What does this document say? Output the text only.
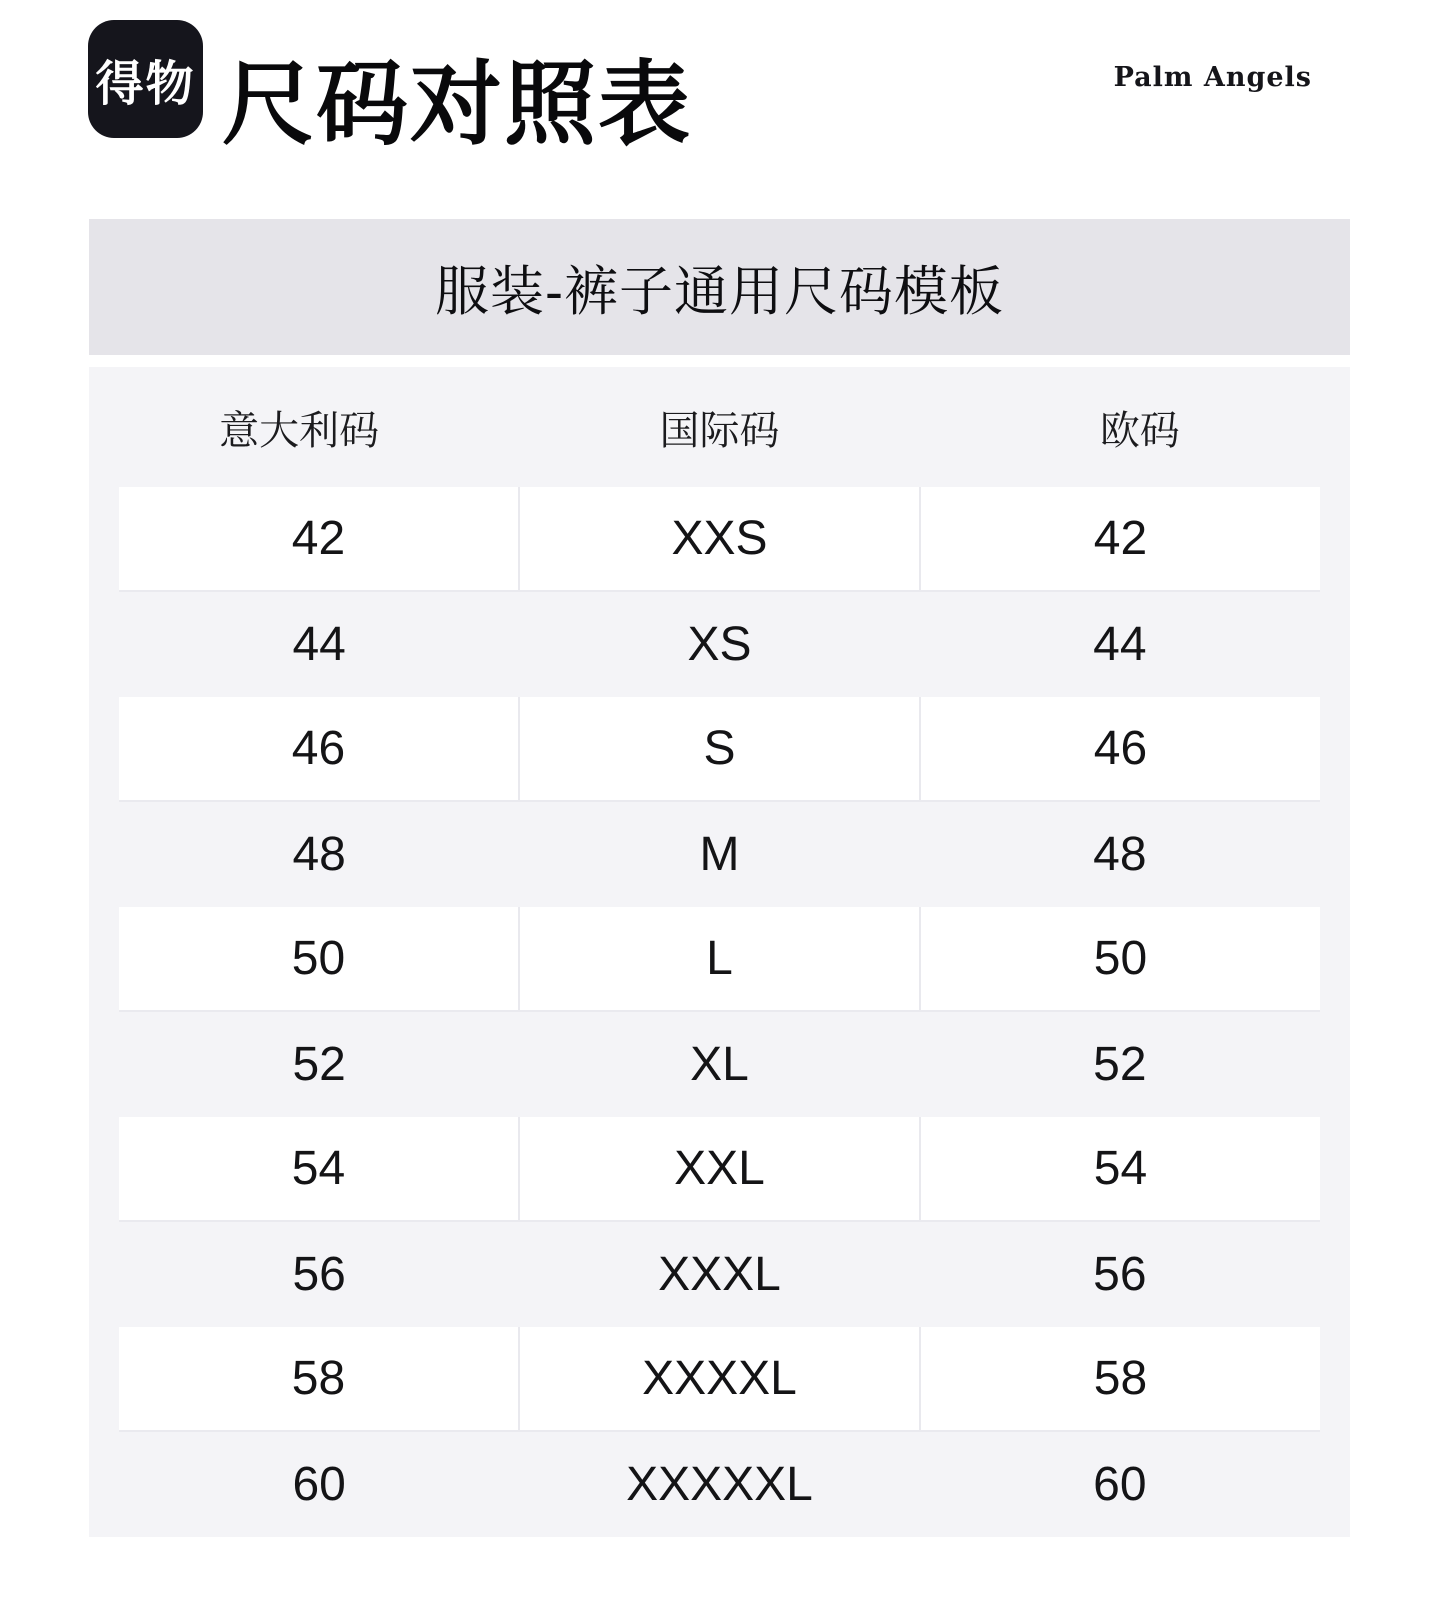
得物 尺码对照表	Palm Angels
服装-裤子通用尺码模板
意大利码	国际码	欧码
42	XXS	42
44	XS	44
46	S	46
48	M	48
50	L	50
52	XL	52
54	XXL	54
56	XXXL	56
58	XXXXL	58
60	XXXXXL	60
